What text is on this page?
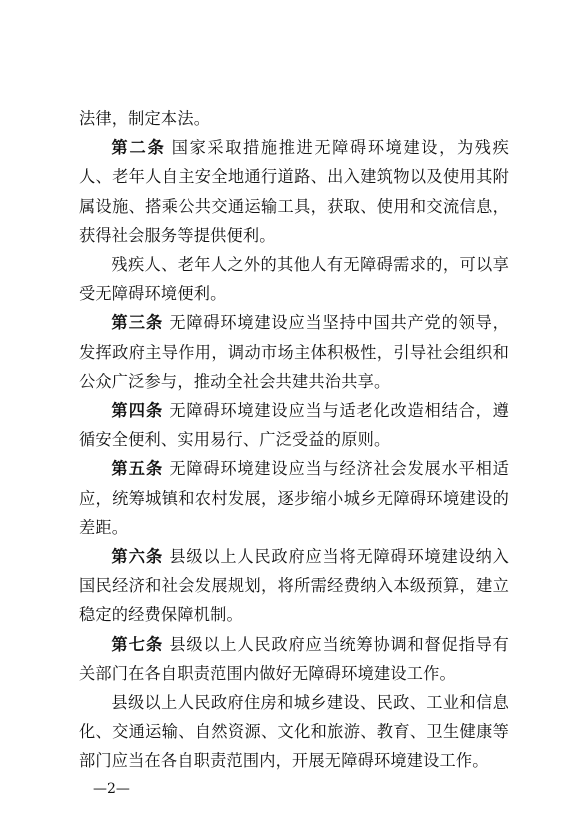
法律，制定本法。

第二条 国家采取措施推进无障碍环境建设，为残疾人、老年人自主安全地通行道路、出入建筑物以及使用其附属设施、搭乘公共交通运输工具，获取、使用和交流信息，获得社会服务等提供便利。

残疾人、老年人之外的其他人有无障碍需求的，可以享受无障碍环境便利。

第三条 无障碍环境建设应当坚持中国共产党的领导，发挥政府主导作用，调动市场主体积极性，引导社会组织和公众广泛参与，推动全社会共建共治共享。

第四条 无障碍环境建设应当与适老化改造相结合，遵循安全便利、实用易行、广泛受益的原则。

第五条 无障碍环境建设应当与经济社会发展水平相适应，统筹城镇和农村发展，逐步缩小城乡无障碍环境建设的差距。

第六条 县级以上人民政府应当将无障碍环境建设纳入国民经济和社会发展规划，将所需经费纳入本级预算，建立稳定的经费保障机制。

第七条 县级以上人民政府应当统筹协调和督促指导有关部门在各自职责范围内做好无障碍环境建设工作。

县级以上人民政府住房和城乡建设、民政、工业和信息化、交通运输、自然资源、文化和旅游、教育、卫生健康等部门应当在各自职责范围内，开展无障碍环境建设工作。

—2—
